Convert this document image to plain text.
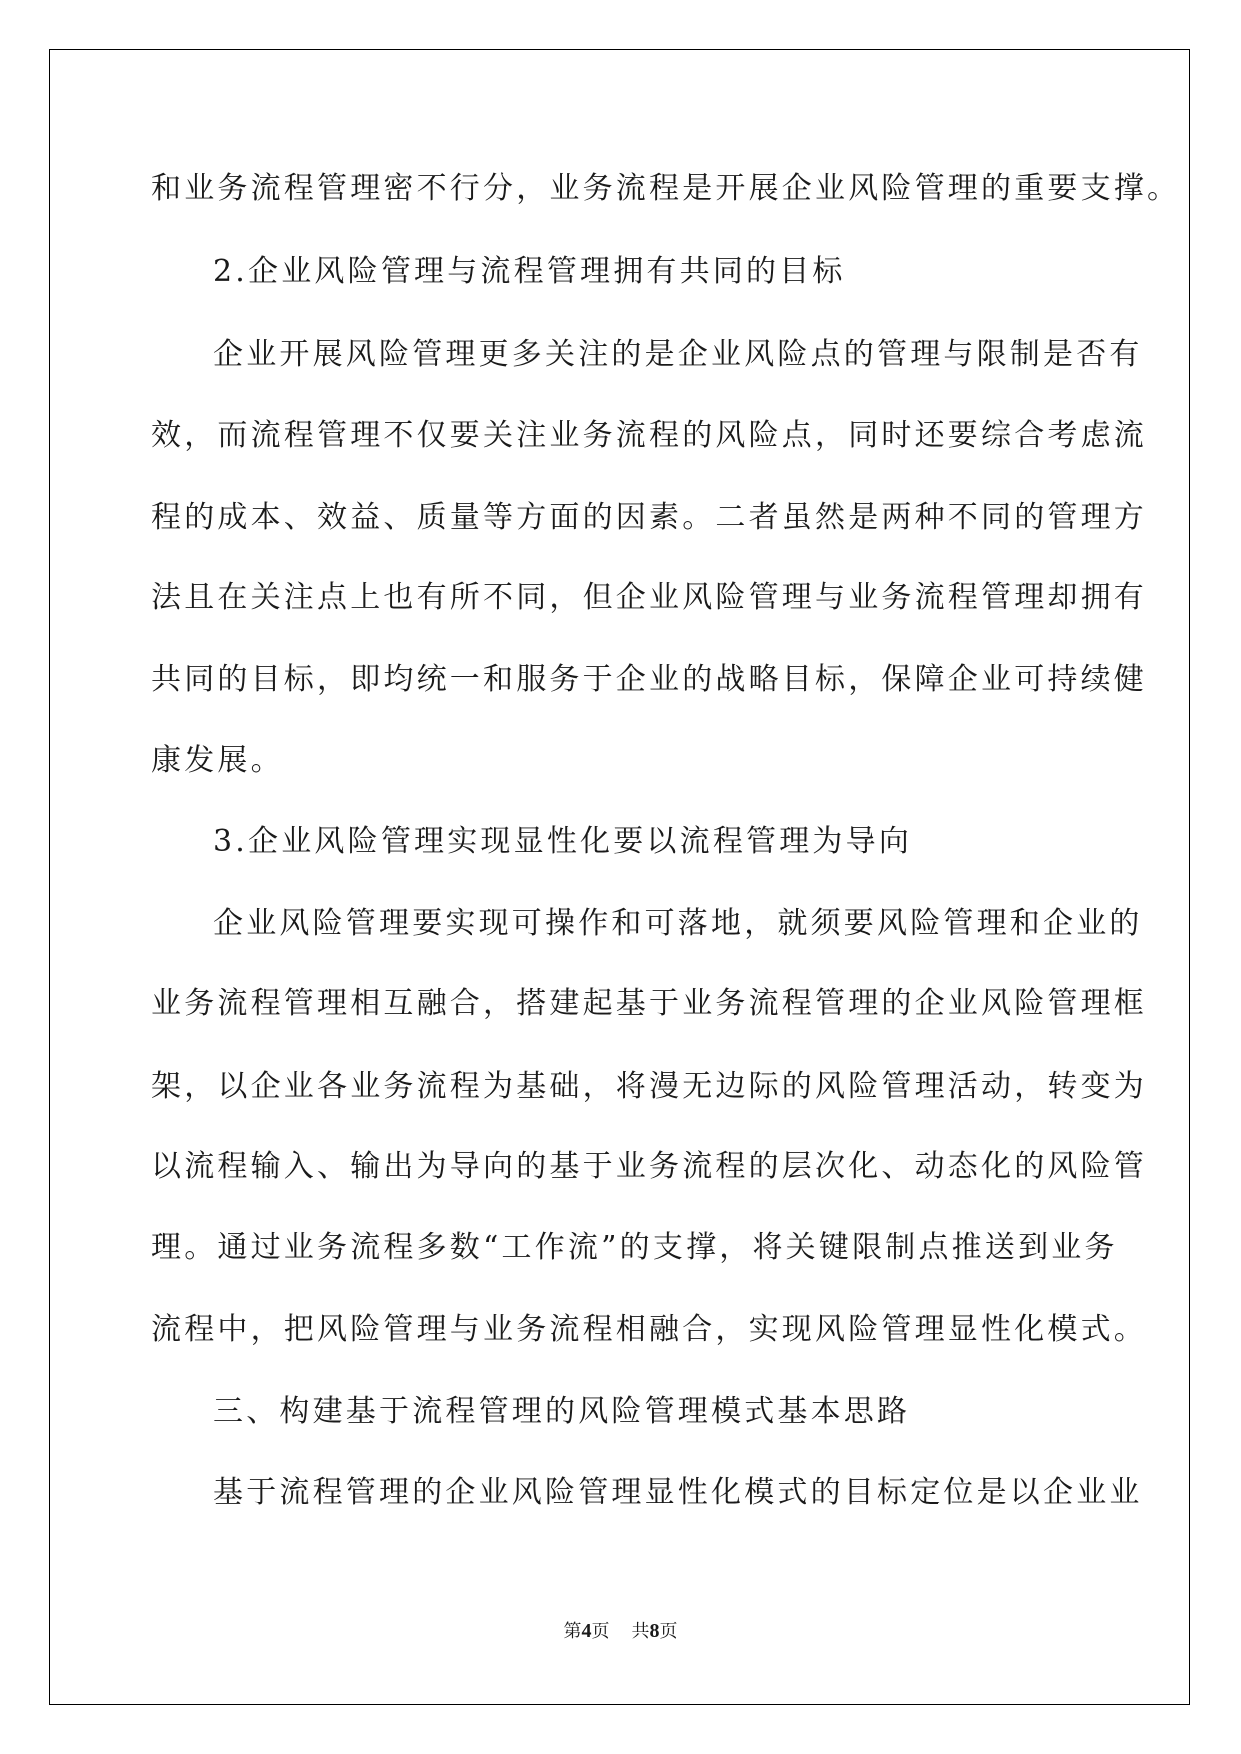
和业务流程管理密不行分，业务流程是开展企业风险管理的重要支撑。
2.企业风险管理与流程管理拥有共同的目标
企业开展风险管理更多关注的是企业风险点的管理与限制是否有
效，而流程管理不仅要关注业务流程的风险点，同时还要综合考虑流
程的成本、效益、质量等方面的因素。二者虽然是两种不同的管理方
法且在关注点上也有所不同，但企业风险管理与业务流程管理却拥有
共同的目标，即均统一和服务于企业的战略目标，保障企业可持续健
康发展。
3.企业风险管理实现显性化要以流程管理为导向
企业风险管理要实现可操作和可落地，就须要风险管理和企业的
业务流程管理相互融合，搭建起基于业务流程管理的企业风险管理框
架，以企业各业务流程为基础，将漫无边际的风险管理活动，转变为
以流程输入、输出为导向的基于业务流程的层次化、动态化的风险管
理。通过业务流程多数“工作流”的支撑，将关键限制点推送到业务
流程中，把风险管理与业务流程相融合，实现风险管理显性化模式。
三、构建基于流程管理的风险管理模式基本思路
基于流程管理的企业风险管理显性化模式的目标定位是以企业业
第4页 共8页
